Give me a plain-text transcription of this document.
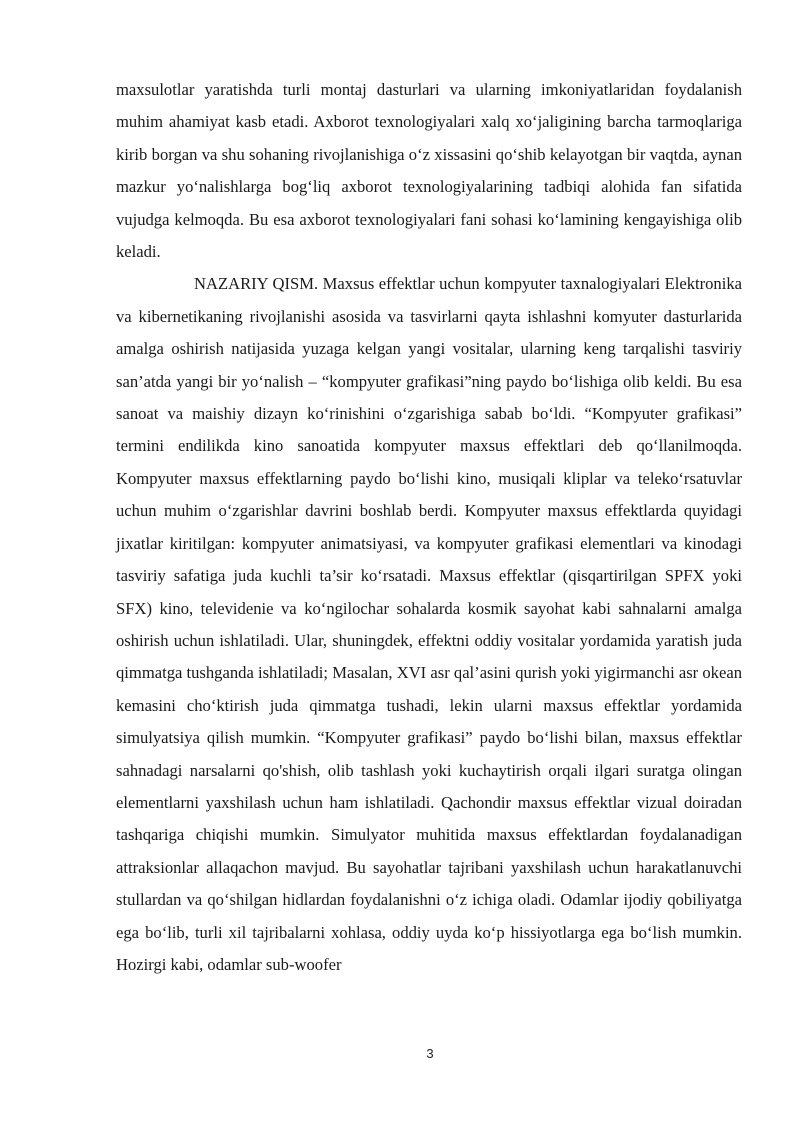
maxsulotlar yaratishda turli montaj dasturlari va ularning imkoniyatlaridan foydalanish muhim ahamiyat kasb etadi. Axborot texnologiyalari xalq xo‘jaligining barcha tarmoqlariga kirib borgan va shu sohaning rivojlanishiga o‘z xissasini qo‘shib kelayotgan bir vaqtda, aynan mazkur yo‘nalishlarga bog‘liq axborot texnologiyalarining tadbiqi alohida fan sifatida vujudga kelmoqda. Bu esa axborot texnologiyalari fani sohasi ko‘lamining kengayishiga olib keladi.

NAZARIY QISM. Maxsus effektlar uchun kompyuter taxnalogiyalari Elektronika va kibernetikaning rivojlanishi asosida va tasvirlarni qayta ishlashni komyuter dasturlarida amalga oshirish natijasida yuzaga kelgan yangi vositalar, ularning keng tarqalishi tasviriy san’atda yangi bir yo‘nalish – “kompyuter grafikasi”ning paydo bo‘lishiga olib keldi. Bu esa sanoat va maishiy dizayn ko‘rinishini o‘zgarishiga sabab bo‘ldi. “Kompyuter grafikasi” termini endilikda kino sanoatida kompyuter maxsus effektlari deb qo‘llanilmoqda. Kompyuter maxsus effektlarning paydo bo‘lishi kino, musiqali kliplar va teleko‘rsatuvlar uchun muhim o‘zgarishlar davrini boshlab berdi. Kompyuter maxsus effektlarda quyidagi jixatlar kiritilgan: kompyuter animatsiyasi, va kompyuter grafikasi elementlari va kinodagi tasviriy safatiga juda kuchli ta’sir ko‘rsatadi. Maxsus effektlar (qisqartirilgan SPFX yoki SFX) kino, televidenie va ko‘ngilochar sohalarda kosmik sayohat kabi sahnalarni amalga oshirish uchun ishlatiladi. Ular, shuningdek, effektni oddiy vositalar yordamida yaratish juda qimmatga tushganda ishlatiladi; Masalan, XVI asr qal’asini qurish yoki yigirmanchi asr okean kemasini cho‘ktirish juda qimmatga tushadi, lekin ularni maxsus effektlar yordamida simulyatsiya qilish mumkin. “Kompyuter grafikasi” paydo bo‘lishi bilan, maxsus effektlar sahnadagi narsalarni qo'shish, olib tashlash yoki kuchaytirish orqali ilgari suratga olingan elementlarni yaxshilash uchun ham ishlatiladi. Qachondir maxsus effektlar vizual doiradan tashqariga chiqishi mumkin. Simulyator muhitida maxsus effektlardan foydalanadigan attraksionlar allaqachon mavjud. Bu sayohatlar tajribani yaxshilash uchun harakatlanuvchi stullardan va qo‘shilgan hidlardan foydalanishni o‘z ichiga oladi. Odamlar ijodiy qobiliyatga ega bo‘lib, turli xil tajribalarni xohlasa, oddiy uyda ko‘p hissiyotlarga ega bo‘lish mumkin. Hozirgi kabi, odamlar sub-woofer

3
